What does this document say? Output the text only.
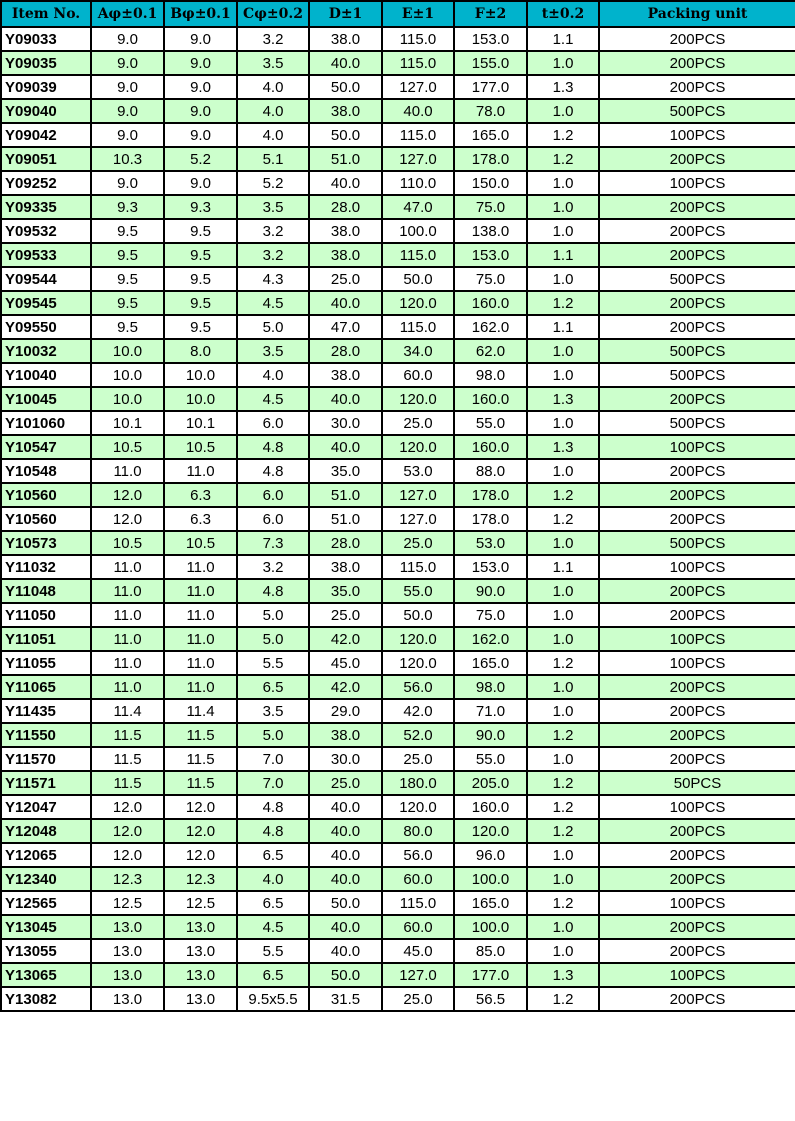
Item No.	Aφ±0.1	Bφ±0.1	Cφ±0.2	D±1	E±1	F±2	t±0.2	Packing unit
Y09033	9.0	9.0	3.2	38.0	115.0	153.0	1.1	200PCS
Y09035	9.0	9.0	3.5	40.0	115.0	155.0	1.0	200PCS
Y09039	9.0	9.0	4.0	50.0	127.0	177.0	1.3	200PCS
Y09040	9.0	9.0	4.0	38.0	40.0	78.0	1.0	500PCS
Y09042	9.0	9.0	4.0	50.0	115.0	165.0	1.2	100PCS
Y09051	10.3	5.2	5.1	51.0	127.0	178.0	1.2	200PCS
Y09252	9.0	9.0	5.2	40.0	110.0	150.0	1.0	100PCS
Y09335	9.3	9.3	3.5	28.0	47.0	75.0	1.0	200PCS
Y09532	9.5	9.5	3.2	38.0	100.0	138.0	1.0	200PCS
Y09533	9.5	9.5	3.2	38.0	115.0	153.0	1.1	200PCS
Y09544	9.5	9.5	4.3	25.0	50.0	75.0	1.0	500PCS
Y09545	9.5	9.5	4.5	40.0	120.0	160.0	1.2	200PCS
Y09550	9.5	9.5	5.0	47.0	115.0	162.0	1.1	200PCS
Y10032	10.0	8.0	3.5	28.0	34.0	62.0	1.0	500PCS
Y10040	10.0	10.0	4.0	38.0	60.0	98.0	1.0	500PCS
Y10045	10.0	10.0	4.5	40.0	120.0	160.0	1.3	200PCS
Y101060	10.1	10.1	6.0	30.0	25.0	55.0	1.0	500PCS
Y10547	10.5	10.5	4.8	40.0	120.0	160.0	1.3	100PCS
Y10548	11.0	11.0	4.8	35.0	53.0	88.0	1.0	200PCS
Y10560	12.0	6.3	6.0	51.0	127.0	178.0	1.2	200PCS
Y10560	12.0	6.3	6.0	51.0	127.0	178.0	1.2	200PCS
Y10573	10.5	10.5	7.3	28.0	25.0	53.0	1.0	500PCS
Y11032	11.0	11.0	3.2	38.0	115.0	153.0	1.1	100PCS
Y11048	11.0	11.0	4.8	35.0	55.0	90.0	1.0	200PCS
Y11050	11.0	11.0	5.0	25.0	50.0	75.0	1.0	200PCS
Y11051	11.0	11.0	5.0	42.0	120.0	162.0	1.0	100PCS
Y11055	11.0	11.0	5.5	45.0	120.0	165.0	1.2	100PCS
Y11065	11.0	11.0	6.5	42.0	56.0	98.0	1.0	200PCS
Y11435	11.4	11.4	3.5	29.0	42.0	71.0	1.0	200PCS
Y11550	11.5	11.5	5.0	38.0	52.0	90.0	1.2	200PCS
Y11570	11.5	11.5	7.0	30.0	25.0	55.0	1.0	200PCS
Y11571	11.5	11.5	7.0	25.0	180.0	205.0	1.2	50PCS
Y12047	12.0	12.0	4.8	40.0	120.0	160.0	1.2	100PCS
Y12048	12.0	12.0	4.8	40.0	80.0	120.0	1.2	200PCS
Y12065	12.0	12.0	6.5	40.0	56.0	96.0	1.0	200PCS
Y12340	12.3	12.3	4.0	40.0	60.0	100.0	1.0	200PCS
Y12565	12.5	12.5	6.5	50.0	115.0	165.0	1.2	100PCS
Y13045	13.0	13.0	4.5	40.0	60.0	100.0	1.0	200PCS
Y13055	13.0	13.0	5.5	40.0	45.0	85.0	1.0	200PCS
Y13065	13.0	13.0	6.5	50.0	127.0	177.0	1.3	100PCS
Y13082	13.0	13.0	9.5x5.5	31.5	25.0	56.5	1.2	200PCS
